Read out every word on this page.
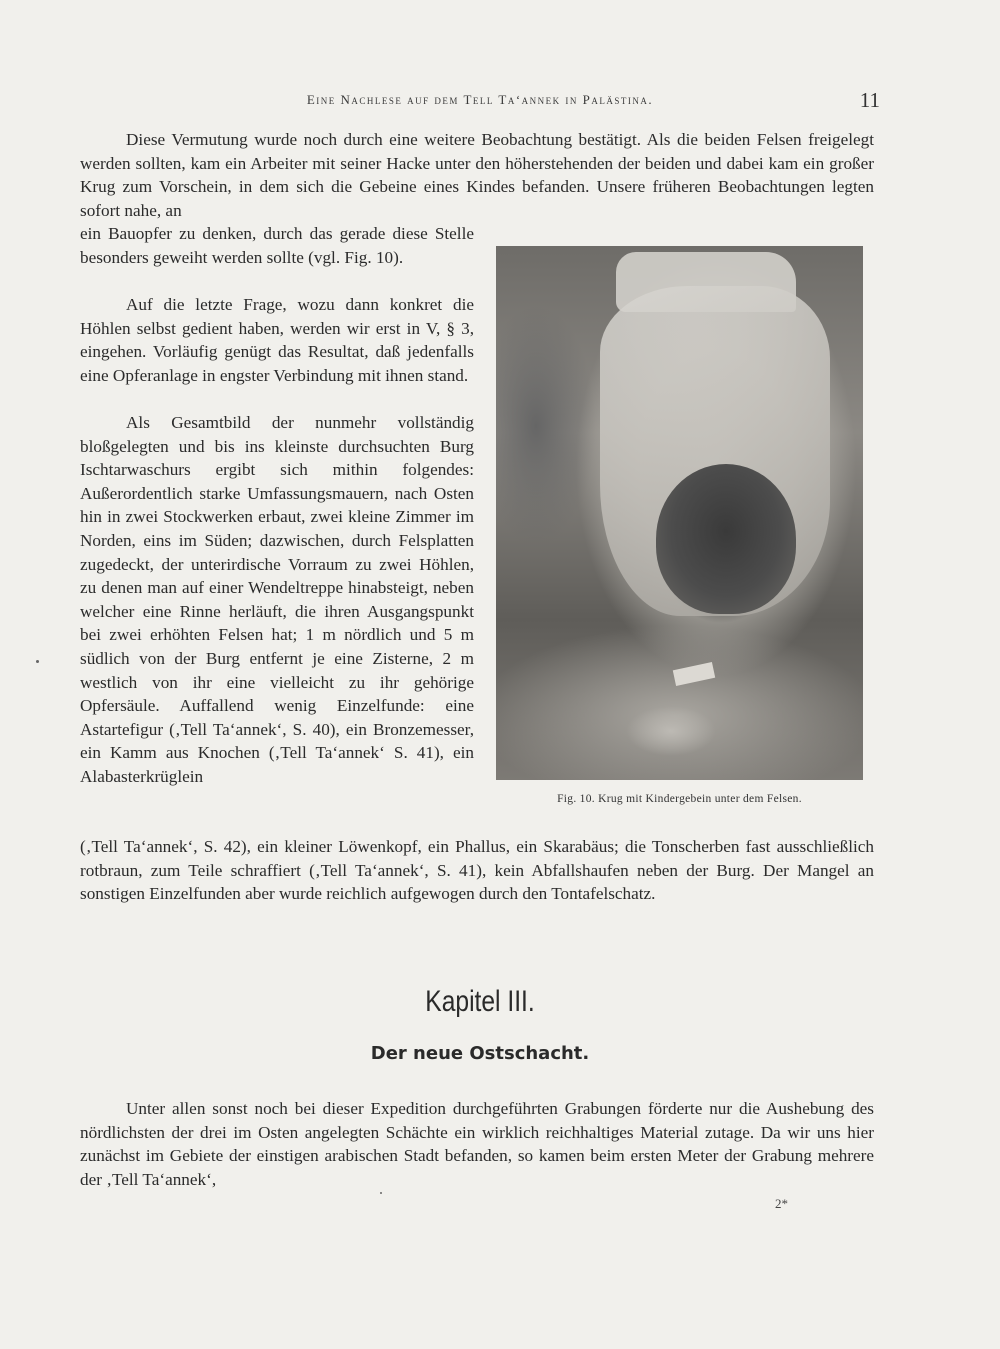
Eine Nachlese auf dem Tell Ta‘annek in Palästina.	11

Diese Vermutung wurde noch durch eine weitere Beobachtung bestätigt. Als die beiden Felsen freigelegt werden sollten, kam ein Arbeiter mit seiner Hacke unter den höherstehenden der beiden und dabei kam ein großer Krug zum Vorschein, in dem sich die Gebeine eines Kindes befanden. Unsere früheren Beobachtungen legten sofort nahe, an

ein Bauopfer zu denken, durch das gerade diese Stelle besonders geweiht werden sollte (vgl. Fig. 10).

Auf die letzte Frage, wozu dann konkret die Höhlen selbst gedient haben, werden wir erst in V, § 3, eingehen. Vorläufig genügt das Resultat, daß jedenfalls eine Opferanlage in engster Verbindung mit ihnen stand.

Als Gesamtbild der nunmehr vollständig bloßgelegten und bis ins kleinste durchsuchten Burg Ischtarwaschurs ergibt sich mithin folgendes: Außerordentlich starke Umfassungsmauern, nach Osten hin in zwei Stockwerken erbaut, zwei kleine Zimmer im Norden, eins im Süden; dazwischen, durch Felsplatten zugedeckt, der unterirdische Vorraum zu zwei Höhlen, zu denen man auf einer Wendeltreppe hinabsteigt, neben welcher eine Rinne herläuft, die ihren Ausgangspunkt bei zwei erhöhten Felsen hat; 1 m nördlich und 5 m südlich von der Burg entfernt je eine Zisterne, 2 m westlich von ihr eine vielleicht zu ihr gehörige Opfersäule. Auffallend wenig Einzelfunde: eine Astartefigur (‚Tell Ta‘annek‘, S. 40), ein Bronzemesser, ein Kamm aus Knochen (‚Tell Ta‘annek‘ S. 41), ein Alabasterkrüglein

(‚Tell Ta‘annek‘, S. 42), ein kleiner Löwenkopf, ein Phallus, ein Skarabäus; die Tonscherben fast ausschließlich rotbraun, zum Teile schraffiert (‚Tell Ta‘annek‘, S. 41), kein Abfallshaufen neben der Burg. Der Mangel an sonstigen Einzelfunden aber wurde reichlich aufgewogen durch den Tontafelschatz.

Fig. 10. Krug mit Kindergebein unter dem Felsen.
Kapitel III.
Der neue Ostschacht.

Unter allen sonst noch bei dieser Expedition durchgeführten Grabungen förderte nur die Aushebung des nördlichsten der drei im Osten angelegten Schächte ein wirklich reichhaltiges Material zutage. Da wir uns hier zunächst im Gebiete der einstigen arabischen Stadt befanden, so kamen beim ersten Meter der Grabung mehrere der ‚Tell Ta‘annek‘,

2*
